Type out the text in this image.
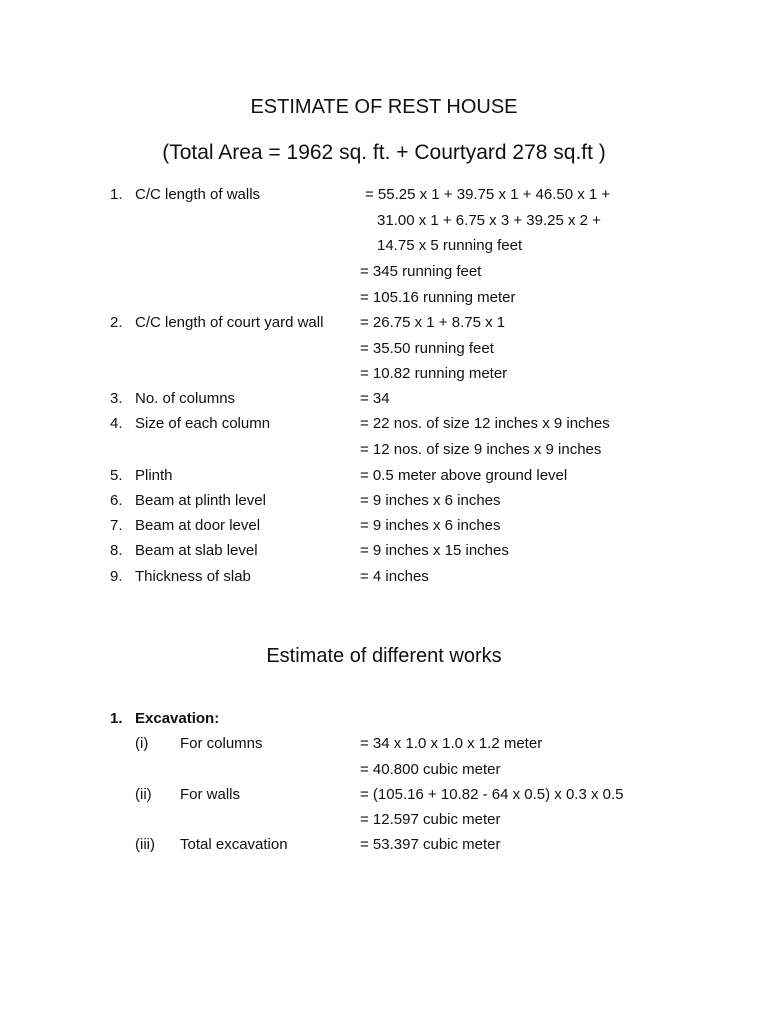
ESTIMATE OF REST HOUSE
(Total Area = 1962 sq. ft. + Courtyard 278 sq.ft )
1. C/C length of walls	= 55.25 x 1 + 39.75 x 1 + 46.50 x 1 +
31.00 x 1 + 6.75 x 3 + 39.25 x 2 +
14.75 x 5 running feet
= 345 running feet
= 105.16 running meter
2. C/C length of court yard wall = 26.75 x 1 + 8.75 x 1
= 35.50 running feet
= 10.82 running meter
3. No. of columns	= 34
4. Size of each column	= 22 nos. of size 12 inches x 9 inches
= 12 nos. of size 9 inches x 9 inches
5. Plinth	= 0.5 meter above ground level
6. Beam at plinth level	= 9 inches x 6 inches
7. Beam at door level	= 9 inches x 6 inches
8. Beam at slab level	= 9 inches x 15 inches
9. Thickness of slab	= 4 inches
Estimate of different works
1. Excavation:
(i) For columns	= 34 x 1.0 x 1.0 x 1.2 meter
= 40.800 cubic meter
(ii) For walls	= (105.16 + 10.82 - 64 x 0.5) x 0.3 x 0.5
= 12.597 cubic meter
(iii) Total excavation	= 53.397 cubic meter
